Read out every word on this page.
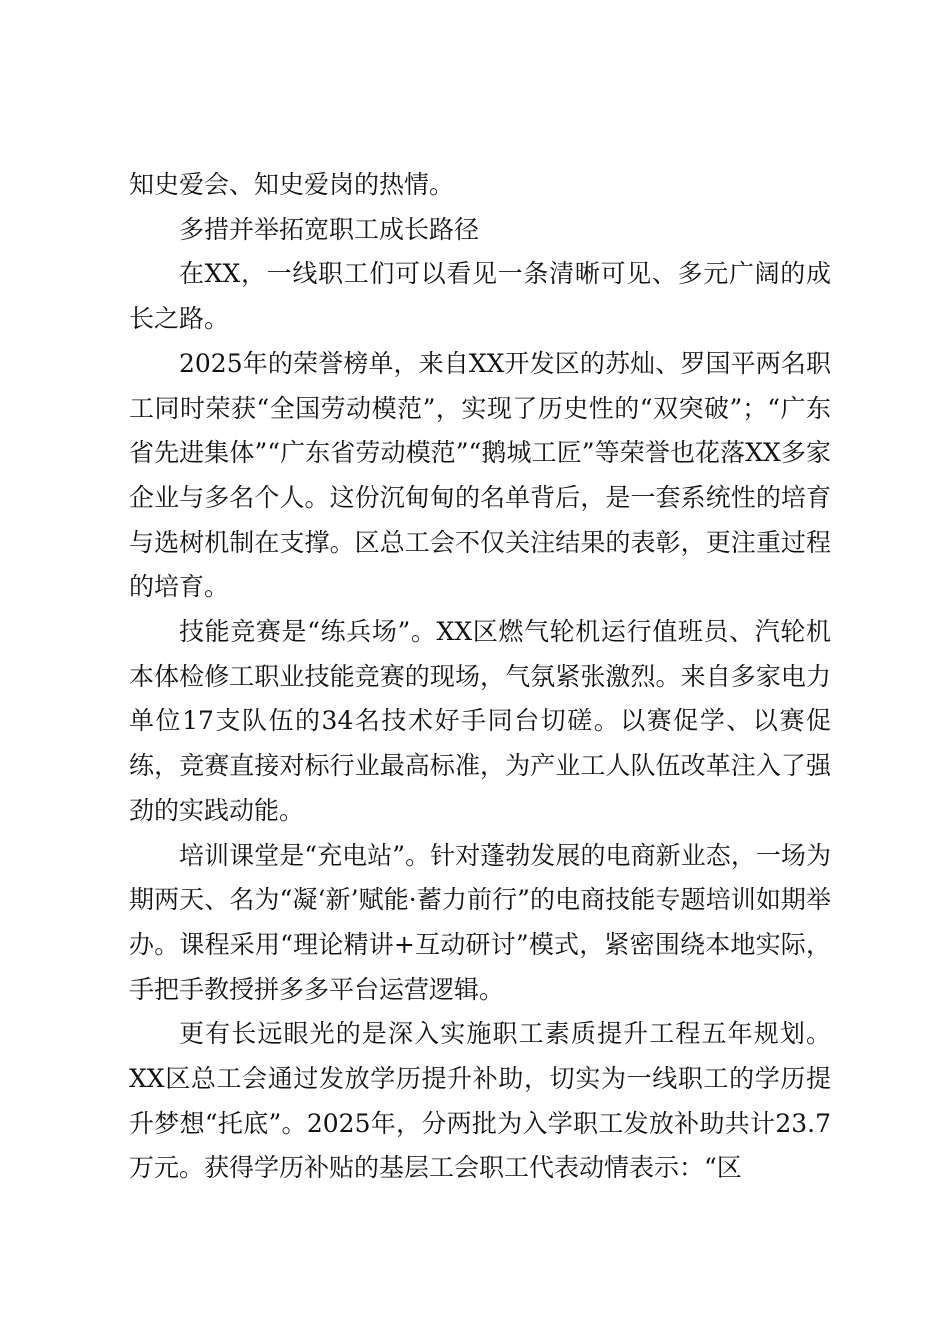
知史爱会、知史爱岗的热情。

多措并举拓宽职工成长路径

在XX，一线职工们可以看见一条清晰可见、多元广阔的成长之路。

2025年的荣誉榜单，来自XX开发区的苏灿、罗国平两名职工同时荣获“全国劳动模范”，实现了历史性的“双突破”；“广东省先进集体”“广东省劳动模范”“鹅城工匠”等荣誉也花落XX多家企业与多名个人。这份沉甸甸的名单背后，是一套系统性的培育与选树机制在支撑。区总工会不仅关注结果的表彰，更注重过程的培育。

技能竞赛是“练兵场”。XX区燃气轮机运行值班员、汽轮机本体检修工职业技能竞赛的现场，气氛紧张激烈。来自多家电力单位17支队伍的34名技术好手同台切磋。以赛促学、以赛促练，竞赛直接对标行业最高标准，为产业工人队伍改革注入了强劲的实践动能。

培训课堂是“充电站”。针对蓬勃发展的电商新业态，一场为期两天、名为“凝‘新’赋能·蓄力前行”的电商技能专题培训如期举办。课程采用“理论精讲+互动研讨”模式，紧密围绕本地实际，手把手教授拼多多平台运营逻辑。

更有长远眼光的是深入实施职工素质提升工程五年规划。XX区总工会通过发放学历提升补助，切实为一线职工的学历提升梦想“托底”。2025年，分两批为入学职工发放补助共计23.7万元。获得学历补贴的基层工会职工代表动情表示：“区
